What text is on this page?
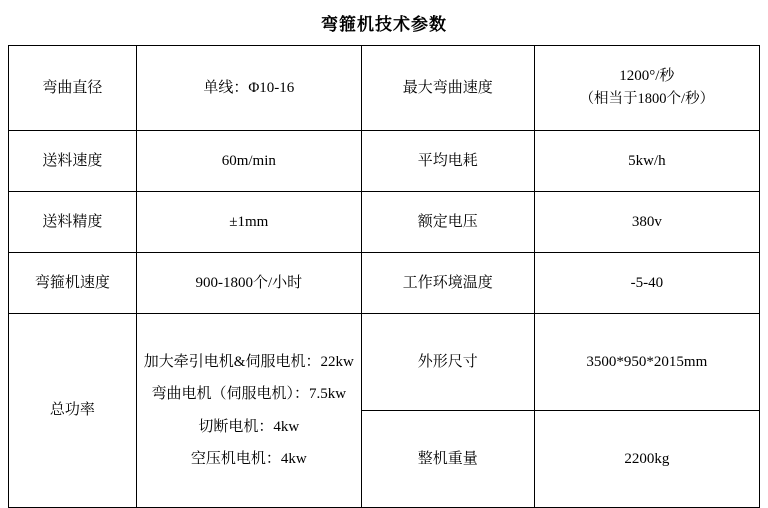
弯箍机技术参数
弯曲直径	单线：Φ10-16	最大弯曲速度	1200°/秒
（相当于1800个/秒）

送料速度	60m/min	平均电耗	5kw/h
送料精度	±1mm	额定电压	380v
弯箍机速度	900-1800个/小时	工作环境温度	-5-40
总功率	加大牵引电机&伺服电机：22kw
弯曲电机（伺服电机）：7.5kw
切断电机：4kw
空压机电机：4kw	外形尺寸	3500*950*2015mm
		整机重量	2200kg
